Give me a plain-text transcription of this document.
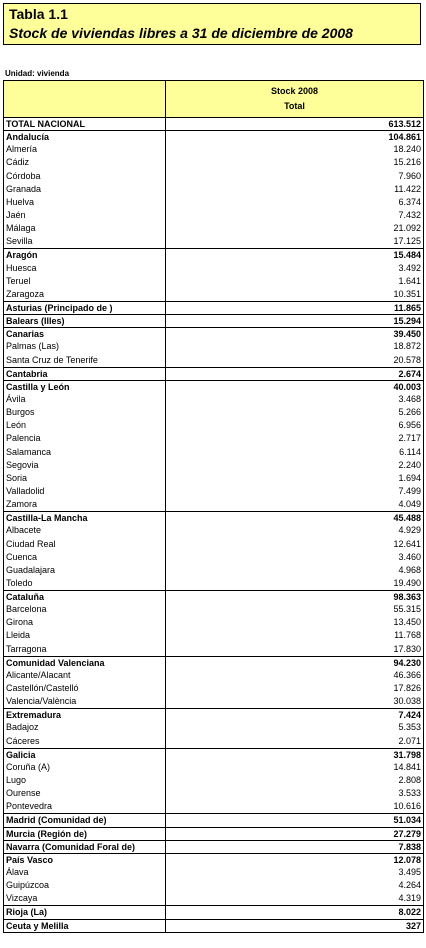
Tabla 1.1
Stock de viviendas libres a 31 de diciembre de 2008
Unidad: vivienda
Stock 2008
Total
TOTAL NACIONAL	613.512
Andalucía	104.861
Almería	18.240
Cádiz	15.216
Córdoba	7.960
Granada	11.422
Huelva	6.374
Jaén	7.432
Málaga	21.092
Sevilla	17.125
Aragón	15.484
Huesca	3.492
Teruel	1.641
Zaragoza	10.351
Asturias (Principado de )	11.865
Balears (Illes)	15.294
Canarias	39.450
Palmas (Las)	18.872
Santa Cruz de Tenerife	20.578
Cantabria	2.674
Castilla y León	40.003
Ávila	3.468
Burgos	5.266
León	6.956
Palencia	2.717
Salamanca	6.114
Segovia	2.240
Soria	1.694
Valladolid	7.499
Zamora	4.049
Castilla-La Mancha	45.488
Albacete	4.929
Ciudad Real	12.641
Cuenca	3.460
Guadalajara	4.968
Toledo	19.490
Cataluña	98.363
Barcelona	55.315
Girona	13.450
Lleida	11.768
Tarragona	17.830
Comunidad Valenciana	94.230
Alicante/Alacant	46.366
Castellón/Castelló	17.826
Valencia/València	30.038
Extremadura	7.424
Badajoz	5.353
Cáceres	2.071
Galicia	31.798
Coruña (A)	14.841
Lugo	2.808
Ourense	3.533
Pontevedra	10.616
Madrid (Comunidad de)	51.034
Murcia (Región de)	27.279
Navarra (Comunidad Foral de)	7.838
País Vasco	12.078
Álava	3.495
Guipúzcoa	4.264
Vizcaya	4.319
Rioja (La)	8.022
Ceuta y Melilla	327
